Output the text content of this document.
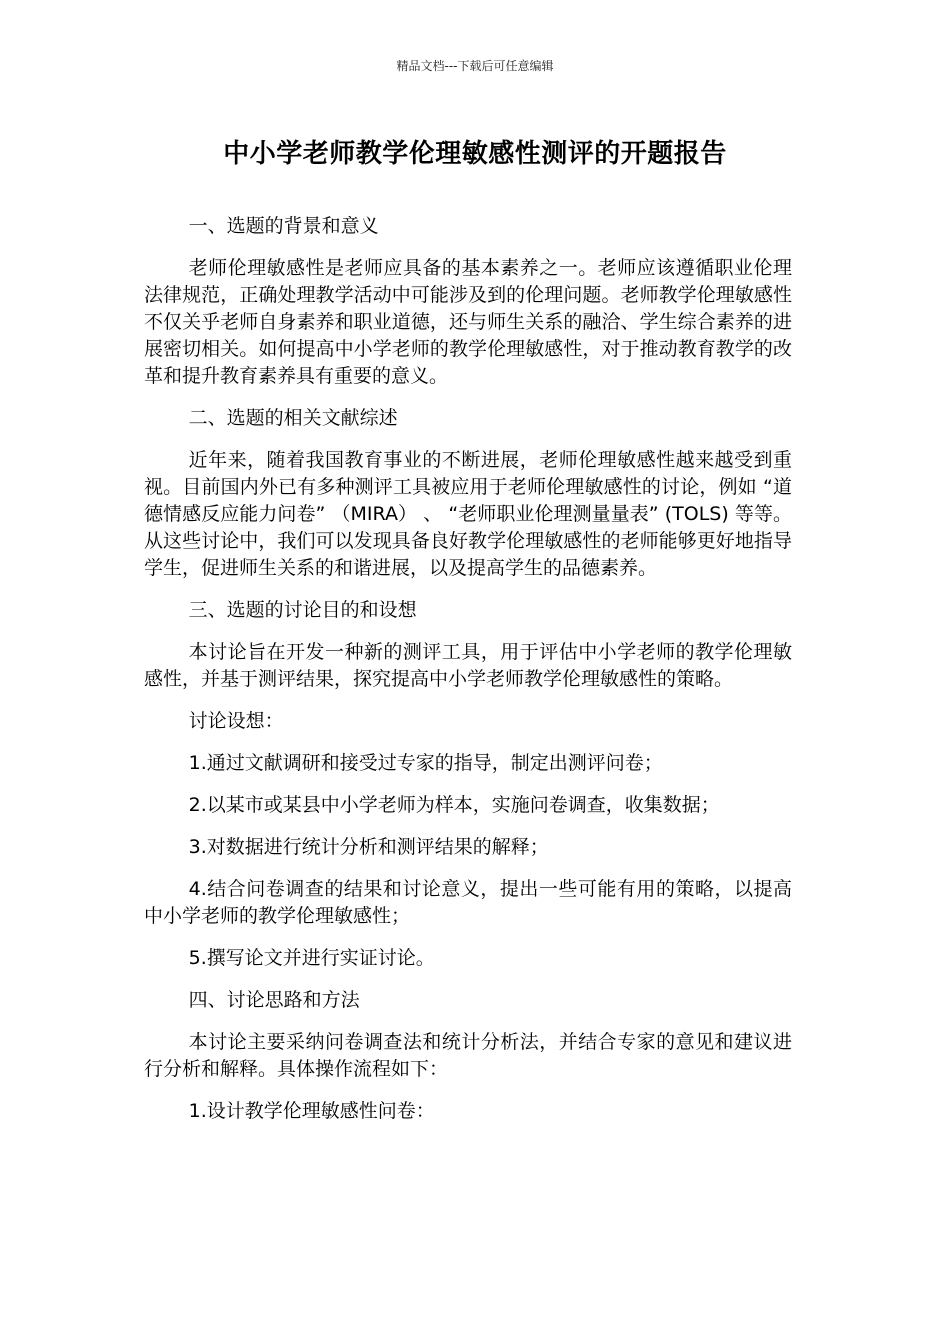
精品文档---下载后可任意编辑
中小学老师教学伦理敏感性测评的开题报告

一、选题的背景和意义

老师伦理敏感性是老师应具备的基本素养之一。老师应该遵循职业伦理法律规范，正确处理教学活动中可能涉及到的伦理问题。老师教学伦理敏感性不仅关乎老师自身素养和职业道德，还与师生关系的融洽、学生综合素养的进展密切相关。如何提高中小学老师的教学伦理敏感性，对于推动教育教学的改革和提升教育素养具有重要的意义。

二、选题的相关文献综述

近年来，随着我国教育事业的不断进展，老师伦理敏感性越来越受到重视。目前国内外已有多种测评工具被应用于老师伦理敏感性的讨论，例如 “道德情感反应能力问卷” （MIRA） 、 “老师职业伦理测量量表” (TOLS) 等等。从这些讨论中，我们可以发现具备良好教学伦理敏感性的老师能够更好地指导学生，促进师生关系的和谐进展，以及提高学生的品德素养。

三、选题的讨论目的和设想

本讨论旨在开发一种新的测评工具，用于评估中小学老师的教学伦理敏感性，并基于测评结果，探究提高中小学老师教学伦理敏感性的策略。

讨论设想：

1.通过文献调研和接受过专家的指导，制定出测评问卷；

2.以某市或某县中小学老师为样本，实施问卷调查，收集数据；

3.对数据进行统计分析和测评结果的解释；

4.结合问卷调查的结果和讨论意义，提出一些可能有用的策略，以提高中小学老师的教学伦理敏感性；

5.撰写论文并进行实证讨论。

四、讨论思路和方法

本讨论主要采纳问卷调查法和统计分析法，并结合专家的意见和建议进行分析和解释。具体操作流程如下：

1.设计教学伦理敏感性问卷：
